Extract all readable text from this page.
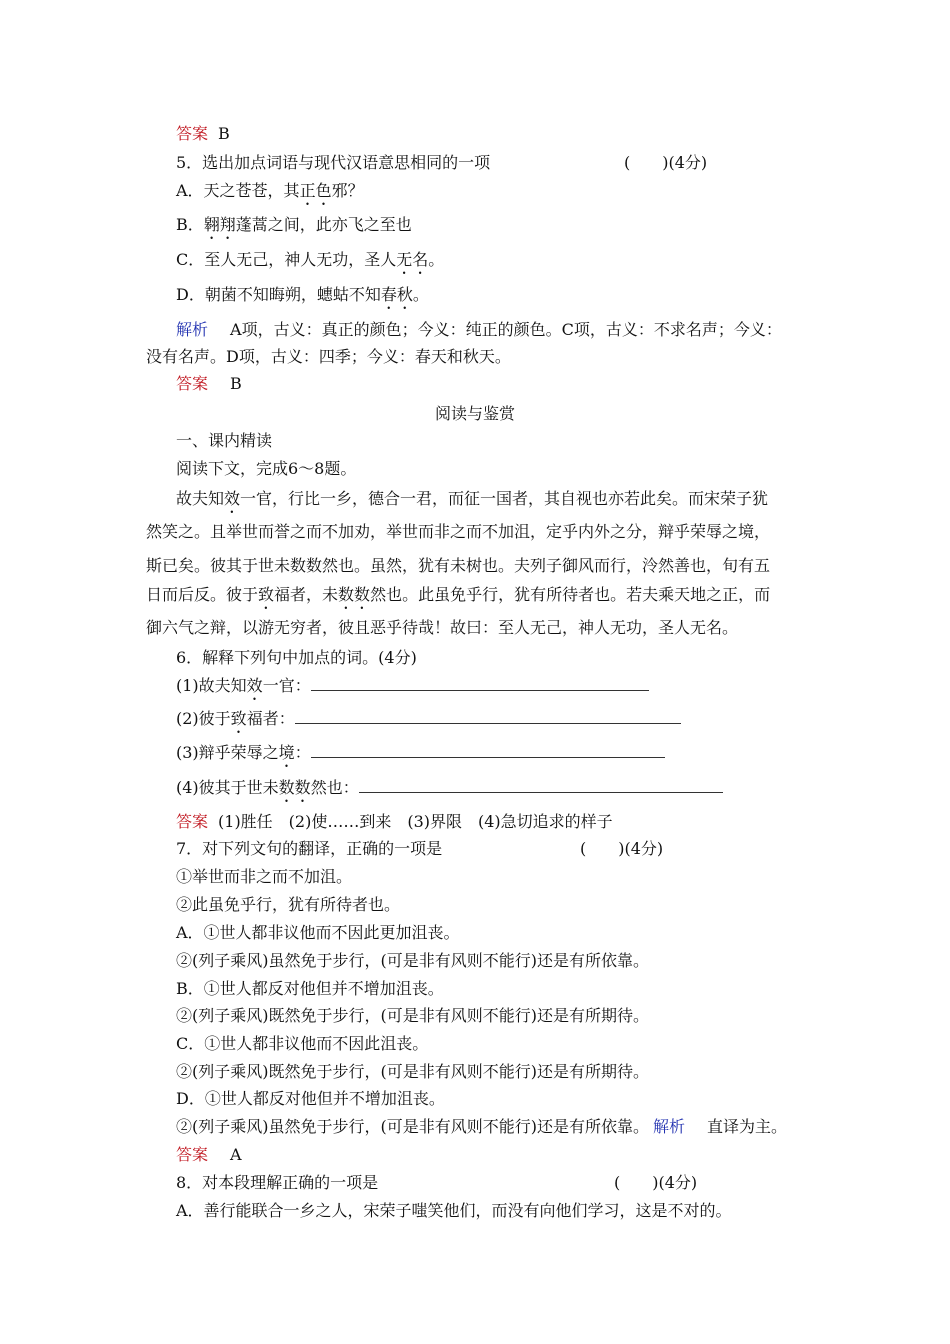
答案 B
5．选出加点词语与现代汉语意思相同的一项	(　　)(4分)
A．天之苍苍，其正色邪？
B．翱翔蓬蒿之间，此亦飞之至也
C．至人无己，神人无功，圣人无名。
D．朝菌不知晦朔，蟪蛄不知春秋。
解析 A项，古义：真正的颜色；今义：纯正的颜色。C项，古义：不求名声；今义：
没有名声。D项，古义：四季；今义：春天和秋天。
答案 B
阅读与鉴赏
一、课内精读
阅读下文，完成6～8题。
故夫知效一官，行比一乡，德合一君，而征一国者，其自视也亦若此矣。而宋荣子犹
然笑之。且举世而誉之而不加劝，举世而非之而不加沮，定乎内外之分，辩乎荣辱之境，
斯已矣。彼其于世未数数然也。虽然，犹有未树也。夫列子御风而行，泠然善也，旬有五
日而后反。彼于致福者，未数数然也。此虽免乎行，犹有所待者也。若夫乘天地之正，而
御六气之辩，以游无穷者，彼且恶乎待哉！故曰：至人无己，神人无功，圣人无名。
6．解释下列句中加点的词。(4分)
(1)故夫知效一官：
(2)彼于致福者：
(3)辩乎荣辱之境：
(4)彼其于世未数数然也：
答案 (1)胜任　(2)使……到来　(3)界限　(4)急切追求的样子
7．对下列文句的翻译，正确的一项是	(　　)(4分)
①举世而非之而不加沮。
②此虽免乎行，犹有所待者也。
A．①世人都非议他而不因此更加沮丧。
②(列子乘风)虽然免于步行，(可是非有风则不能行)还是有所依靠。
B．①世人都反对他但并不增加沮丧。
②(列子乘风)既然免于步行，(可是非有风则不能行)还是有所期待。
C．①世人都非议他而不因此沮丧。
②(列子乘风)既然免于步行，(可是非有风则不能行)还是有所期待。
D．①世人都反对他但并不增加沮丧。
②(列子乘风)虽然免于步行，(可是非有风则不能行)还是有所依靠。 解析 直译为主。
答案 A
8．对本段理解正确的一项是	(　　)(4分)
A．善行能联合一乡之人，宋荣子嗤笑他们，而没有向他们学习，这是不对的。
